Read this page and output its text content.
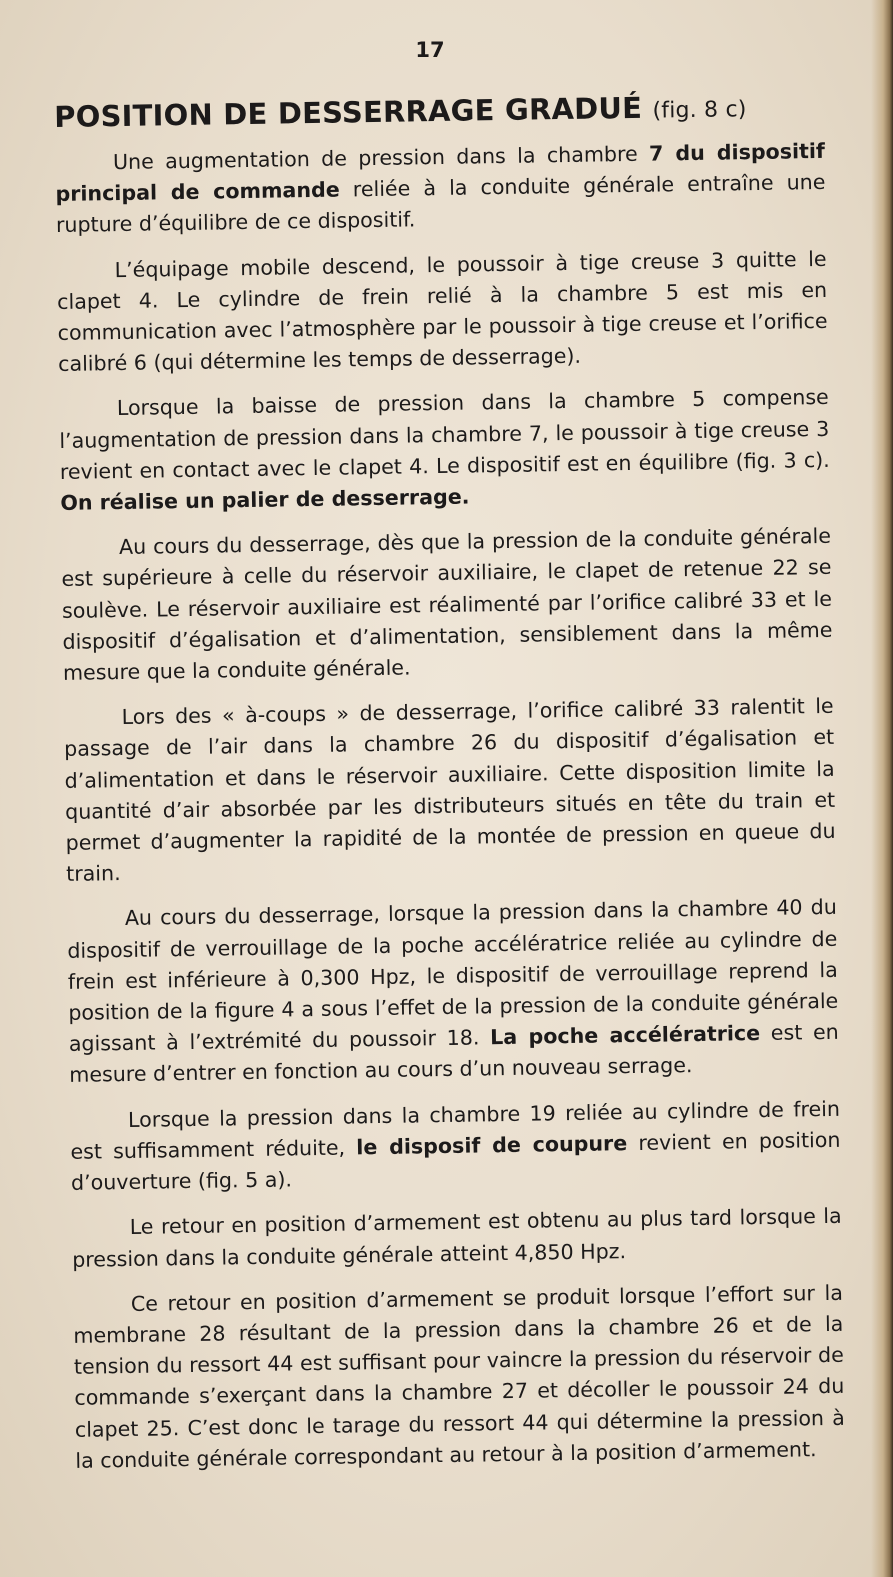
17
POSITION DE DESSERRAGE GRADUÉ (fig. 8 c)

Une augmentation de pression dans la chambre 7 du dispositif principal de commande reliée à la conduite générale entraîne une rupture d’équilibre de ce dispositif.

L’équipage mobile descend, le poussoir à tige creuse 3 quitte le clapet 4. Le cylindre de frein relié à la chambre 5 est mis en communication avec l’atmosphère par le poussoir à tige creuse et l’orifice calibré 6 (qui détermine les temps de desserrage).

Lorsque la baisse de pression dans la chambre 5 compense l’augmentation de pression dans la chambre 7, le poussoir à tige creuse 3 revient en contact avec le clapet 4. Le dispositif est en équilibre (fig. 3 c). On réalise un palier de desserrage.

Au cours du desserrage, dès que la pression de la conduite générale est supérieure à celle du réservoir auxiliaire, le clapet de retenue 22 se soulève. Le réservoir auxiliaire est réalimenté par l’orifice calibré 33 et le dispositif d’égalisation et d’alimentation, sensiblement dans la même mesure que la conduite générale.

Lors des « à-coups » de desserrage, l’orifice calibré 33 ralentit le passage de l’air dans la chambre 26 du dispositif d’égalisation et d’alimentation et dans le réservoir auxiliaire. Cette disposition limite la quantité d’air absorbée par les distributeurs situés en tête du train et permet d’augmenter la rapidité de la montée de pression en queue du train.

Au cours du desserrage, lorsque la pression dans la chambre 40 du dispositif de verrouillage de la poche accélératrice reliée au cylindre de frein est inférieure à 0,300 Hpz, le dispositif de verrouillage reprend la position de la figure 4 a sous l’effet de la pression de la conduite générale agissant à l’extrémité du poussoir 18. La poche accélératrice est en mesure d’entrer en fonction au cours d’un nouveau serrage.

Lorsque la pression dans la chambre 19 reliée au cylindre de frein est suffisamment réduite, le disposif de coupure revient en position d’ouverture (fig. 5 a).

Le retour en position d’armement est obtenu au plus tard lorsque la pression dans la conduite générale atteint 4,850 Hpz.

Ce retour en position d’armement se produit lorsque l’effort sur la membrane 28 résultant de la pression dans la chambre 26 et de la tension du ressort 44 est suffisant pour vaincre la pression du réservoir de commande s’exerçant dans la chambre 27 et décoller le poussoir 24 du clapet 25. C’est donc le tarage du ressort 44 qui détermine la pression à la conduite générale correspondant au retour à la position d’armement.
